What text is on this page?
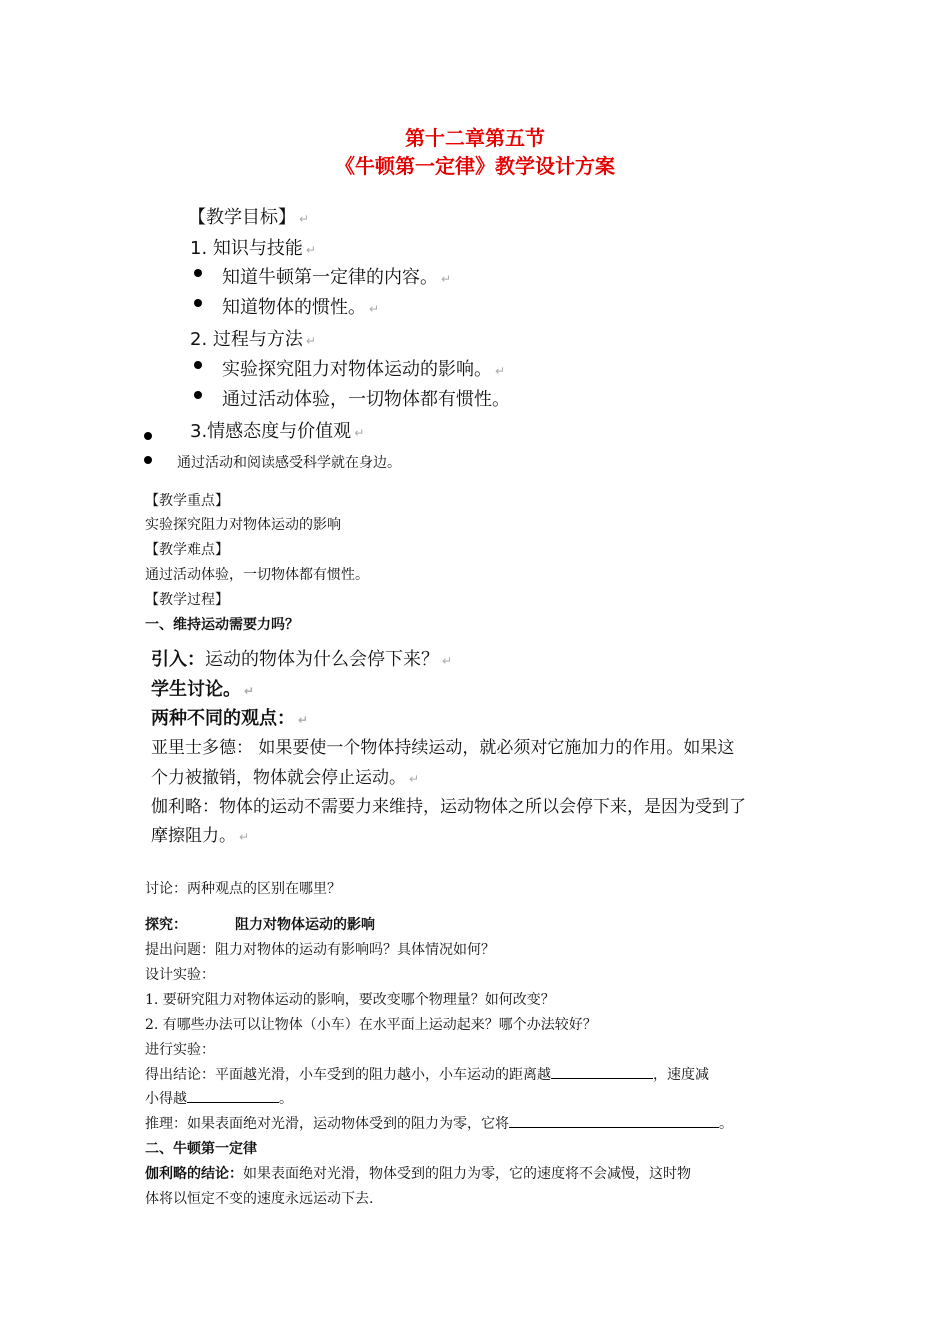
第十二章第五节
《牛顿第一定律》教学设计方案
【教学目标】 ↵
1. 知识与技能 ↵
知道牛顿第一定律的内容。 ↵
知道物体的惯性。 ↵
2. 过程与方法 ↵
实验探究阻力对物体运动的影响。 ↵
通过活动体验，一切物体都有惯性。
3.情感态度与价值观 ↵
通过活动和阅读感受科学就在身边。
【教学重点】
实验探究阻力对物体运动的影响
【教学难点】
通过活动体验，一切物体都有惯性。
【教学过程】
一、维持运动需要力吗？
引入：运动的物体为什么会停下来？ ↵
学生讨论。 ↵
两种不同的观点： ↵
亚里士多德： 如果要使一个物体持续运动，就必须对它施加力的作用。如果这
个力被撤销，物体就会停止运动。 ↵
伽利略：物体的运动不需要力来维持，运动物体之所以会停下来，是因为受到了
摩擦阻力。 ↵
讨论：两种观点的区别在哪里？
探究：	阻力对物体运动的影响
提出问题：阻力对物体的运动有影响吗？具体情况如何？
设计实验：
1. 要研究阻力对物体运动的影响，要改变哪个物理量？如何改变？
2. 有哪些办法可以让物体（小车）在水平面上运动起来？哪个办法较好？
进行实验：
得出结论：平面越光滑，小车受到的阻力越小，小车运动的距离越	，速度减
小得越	。
推理：如果表面绝对光滑，运动物体受到的阻力为零，它将	。
二、牛顿第一定律
伽利略的结论：如果表面绝对光滑，物体受到的阻力为零，它的速度将不会减慢，这时物
体将以恒定不变的速度永远运动下去.
